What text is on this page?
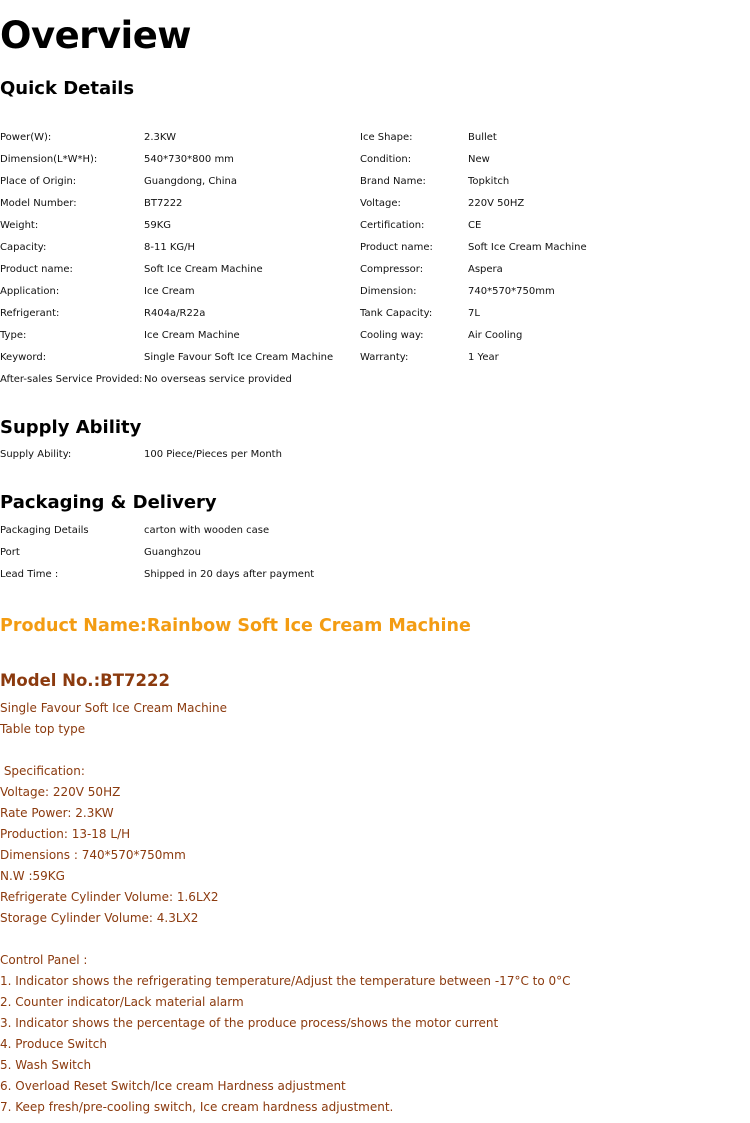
Overview
Quick Details
Power(W):	2.3KW
Dimension(L*W*H):	540*730*800 mm
Place of Origin:	Guangdong, China
Model Number:	BT7222
Weight:	59KG
Capacity:	8-11 KG/H
Product name:	Soft Ice Cream Machine
Application:	Ice Cream
Refrigerant:	R404a/R22a
Type:	Ice Cream Machine
Keyword:	Single Favour Soft Ice Cream Machine
After-sales Service Provided: No overseas service provided
Ice Shape:	Bullet
Condition:	New
Brand Name:	Topkitch
Voltage:	220V 50HZ
Certification:	CE
Product name:	Soft Ice Cream Machine
Compressor:	Aspera
Dimension:	740*570*750mm
Tank Capacity:	7L
Cooling way:	Air Cooling
Warranty:	1 Year
Supply Ability
Supply Ability:	100 Piece/Pieces per Month
Packaging & Delivery
Packaging Details	carton with wooden case
Port	Guanghzou
Lead Time :	Shipped in 20 days after payment
Product Name:Rainbow Soft Ice Cream Machine
Model No.:BT7222
Single Favour Soft Ice Cream Machine
Table top type
Specification:
Voltage: 220V 50HZ
Rate Power: 2.3KW
Production: 13-18 L/H
Dimensions : 740*570*750mm
N.W :59KG
Refrigerate Cylinder Volume: 1.6LX2
Storage Cylinder Volume: 4.3LX2
Control Panel :
1. Indicator shows the refrigerating temperature/Adjust the temperature between -17°C to 0°C
2. Counter indicator/Lack material alarm
3. Indicator shows the percentage of the produce process/shows the motor current
4. Produce Switch
5. Wash Switch
6. Overload Reset Switch/Ice cream Hardness adjustment
7. Keep fresh/pre-cooling switch, Ice cream hardness adjustment.
